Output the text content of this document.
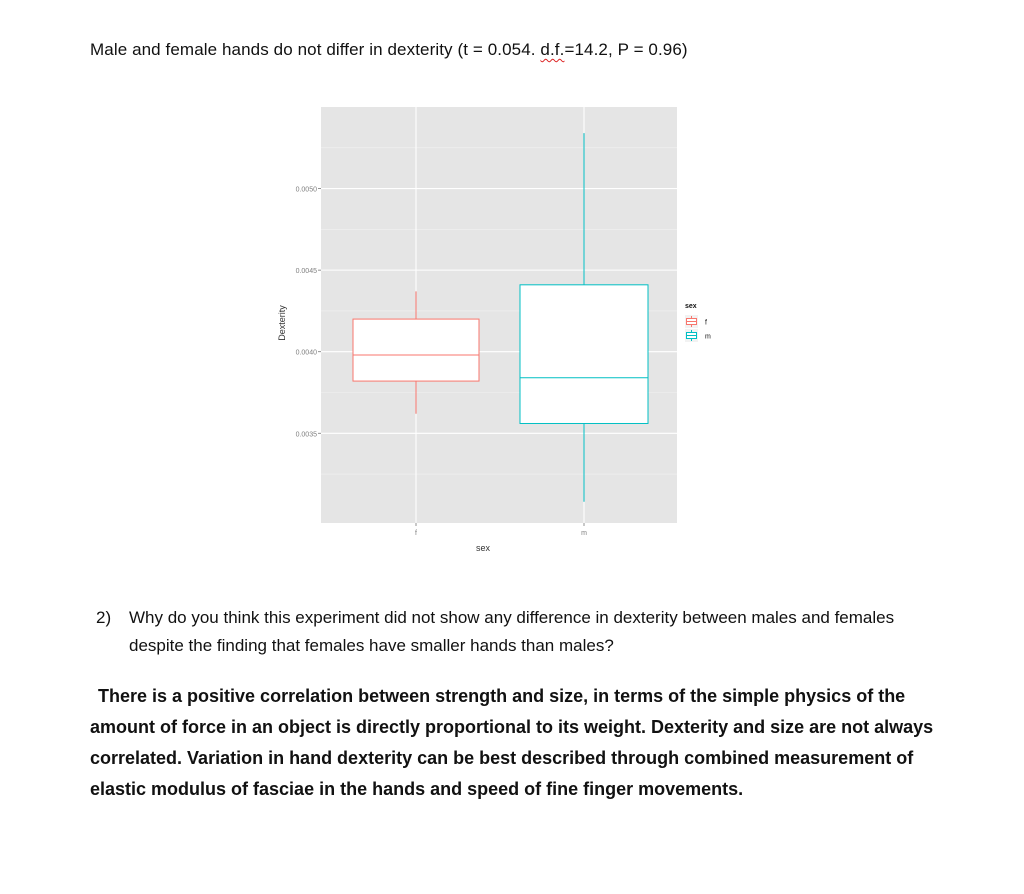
Male and female hands do not differ in dexterity (t = 0.054. d.f.=14.2, P = 0.96)
0.0035
0.0040
0.0045
0.0050
f	m
sex
Dexterity	sex
f
m
2) Why do you think this experiment did not show any difference in dexterity between males and females despite the finding that females have smaller hands than males?
There is a positive correlation between strength and size, in terms of the simple physics of the amount of force in an object is directly proportional to its weight. Dexterity and size are not always correlated. Variation in hand dexterity can be best described through combined measurement of elastic modulus of fasciae in the hands and speed of fine finger movements.
